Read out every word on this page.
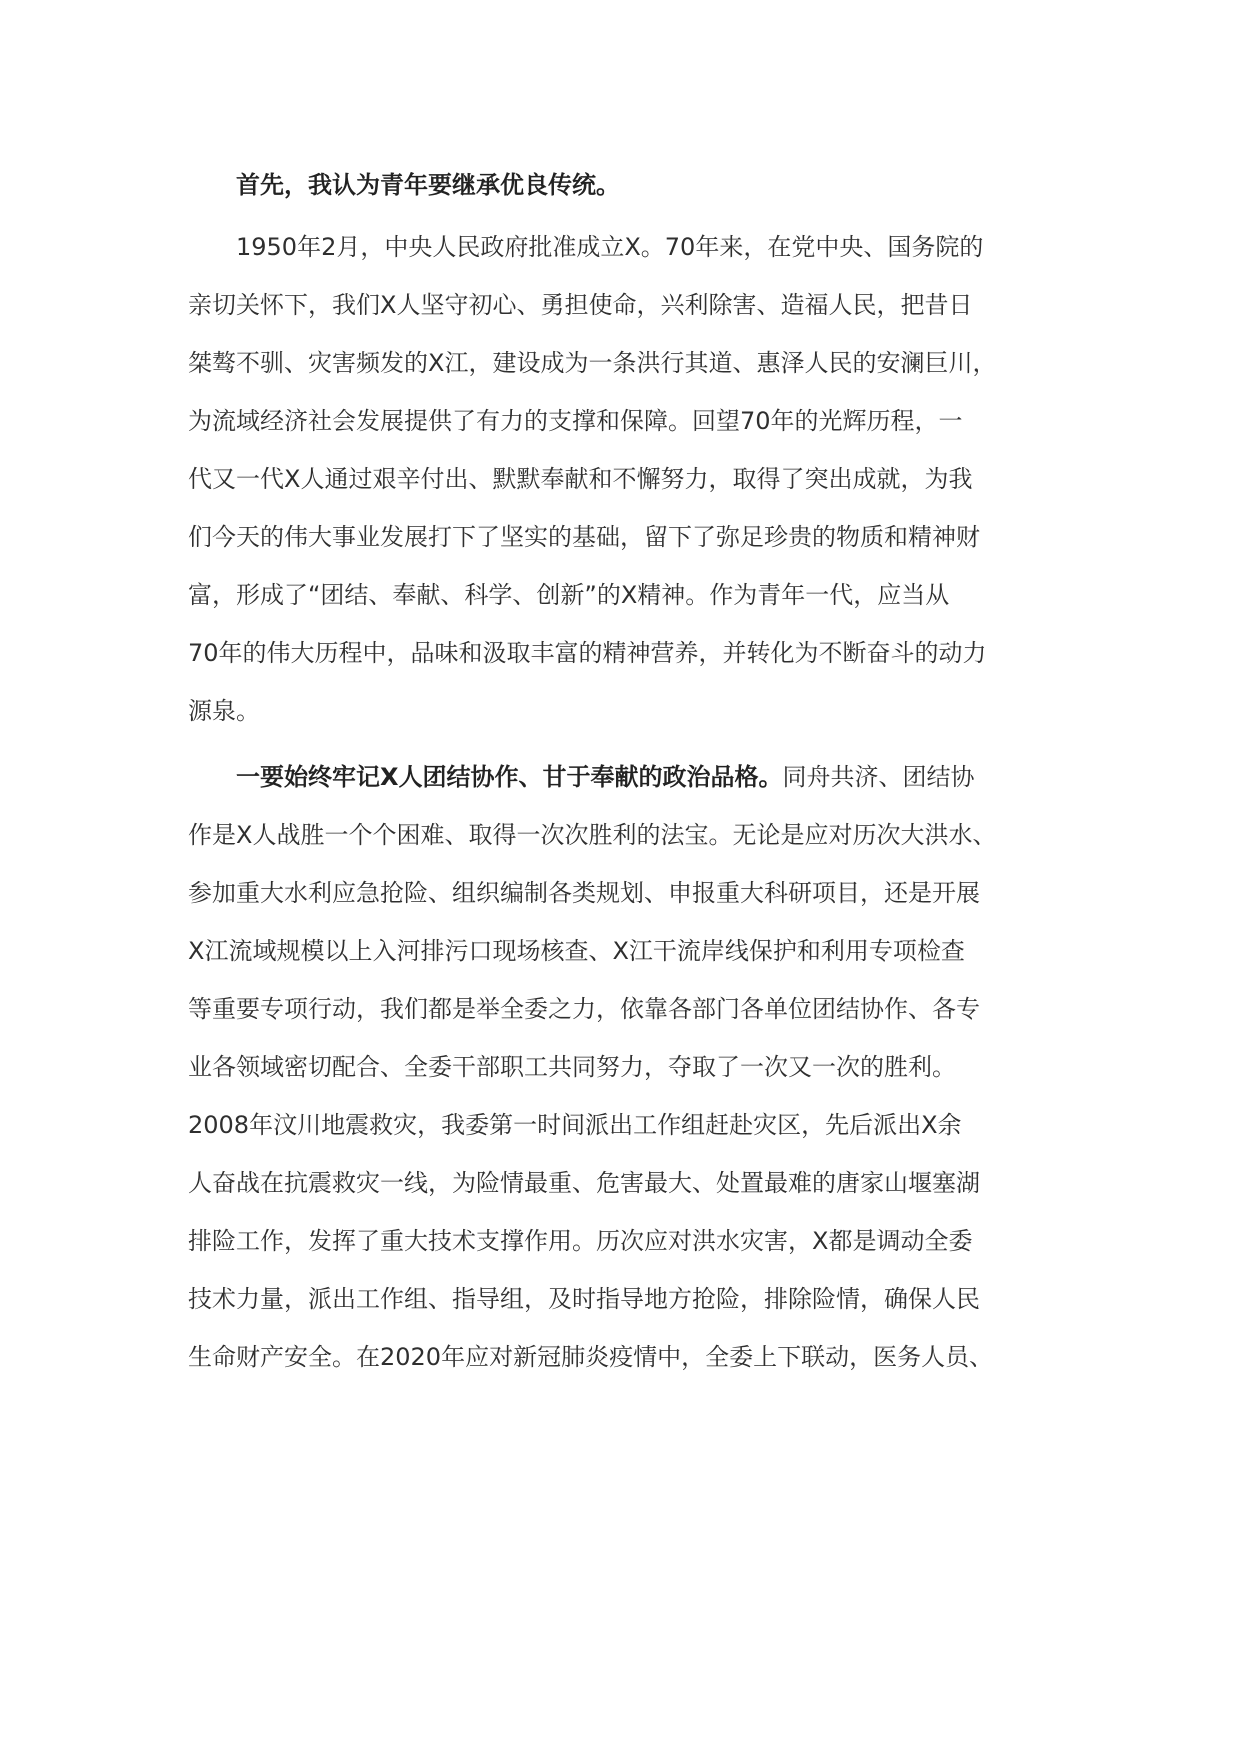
首先，我认为青年要继承优良传统。
1950年2月，中央人民政府批准成立X。70年来，在党中央、国务院的
亲切关怀下，我们X人坚守初心、勇担使命，兴利除害、造福人民，把昔日
桀骜不驯、灾害频发的X江，建设成为一条洪行其道、惠泽人民的安澜巨川，
为流域经济社会发展提供了有力的支撑和保障。回望70年的光辉历程，一
代又一代X人通过艰辛付出、默默奉献和不懈努力，取得了突出成就，为我
们今天的伟大事业发展打下了坚实的基础，留下了弥足珍贵的物质和精神财
富，形成了“团结、奉献、科学、创新”的X精神。作为青年一代，应当从
70年的伟大历程中，品味和汲取丰富的精神营养，并转化为不断奋斗的动力
源泉。
一要始终牢记X人团结协作、甘于奉献的政治品格。同舟共济、团结协
作是X人战胜一个个困难、取得一次次胜利的法宝。无论是应对历次大洪水、
参加重大水利应急抢险、组织编制各类规划、申报重大科研项目，还是开展
X江流域规模以上入河排污口现场核查、X江干流岸线保护和利用专项检查
等重要专项行动，我们都是举全委之力，依靠各部门各单位团结协作、各专
业各领域密切配合、全委干部职工共同努力，夺取了一次又一次的胜利。
2008年汶川地震救灾，我委第一时间派出工作组赶赴灾区，先后派出X余
人奋战在抗震救灾一线，为险情最重、危害最大、处置最难的唐家山堰塞湖
排险工作，发挥了重大技术支撑作用。历次应对洪水灾害，X都是调动全委
技术力量，派出工作组、指导组，及时指导地方抢险，排除险情，确保人民
生命财产安全。在2020年应对新冠肺炎疫情中，全委上下联动，医务人员、
